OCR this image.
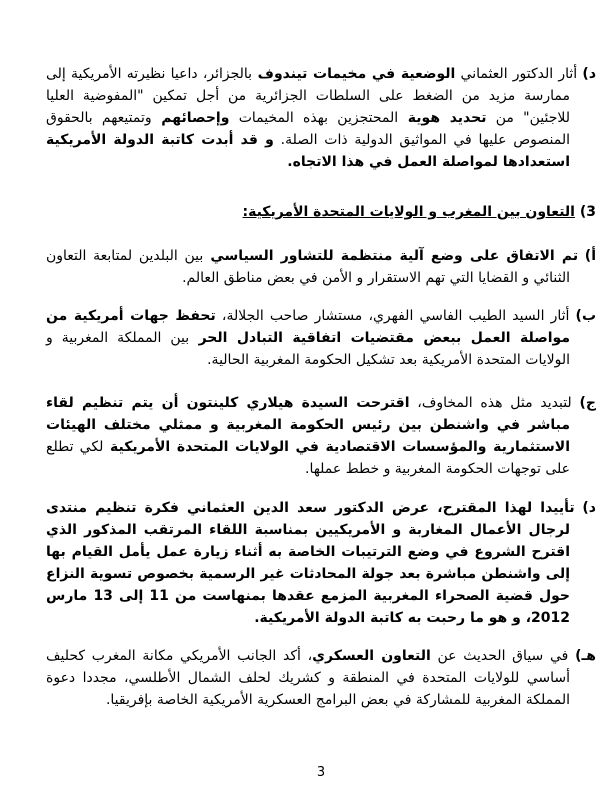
د) أثار الدكتور العثماني الوضعية في مخيمات تيندوف بالجزائر، داعيا نظيرته الأمريكية إلى ممارسة مزيد من الضغط على السلطات الجزائرية من أجل تمكين "المفوضية العليا للاجئين" من تحديد هوية المحتجزين بهذه المخيمات وإحصائهم وتمتيعهم بالحقوق المنصوص عليها في المواثيق الدولية ذات الصلة. و قد أبدت كاتبة الدولة الأمريكية استعدادها لمواصلة العمل في هذا الاتجاه.

3) التعاون بين المغرب و الولايات المتحدة الأمريكية:

أ) تم الاتفاق على وضع آلية منتظمة للتشاور السياسي بين البلدين لمتابعة التعاون الثنائي و القضايا التي تهم الاستقرار و الأمن في بعض مناطق العالم.

ب) أثار السيد الطيب الفاسي الفهري، مستشار صاحب الجلالة، تحفظ جهات أمريكية من مواصلة العمل ببعض مقتضيات اتفاقية التبادل الحر بين المملكة المغربية و الولايات المتحدة الأمريكية بعد تشكيل الحكومة المغربية الحالية.

ج) لتبديد مثل هذه المخاوف، اقترحت السيدة هيلاري كلينتون أن يتم تنظيم لقاء مباشر في واشنطن بين رئيس الحكومة المغربية و ممثلي مختلف الهيئات الاستثمارية والمؤسسات الاقتصادية في الولايات المتحدة الأمريكية لكي تطلع على توجهات الحكومة المغربية و خطط عملها.

د) تأييدا لهذا المقترح، عرض الدكتور سعد الدين العثماني فكرة تنظيم منتدى لرجال الأعمال المغاربة و الأمريكيين بمناسبة اللقاء المرتقب المذكور الذي اقترح الشروع في وضع الترتيبات الخاصة به أثناء زيارة عمل يأمل القيام بها إلى واشنطن مباشرة بعد جولة المحادثات غير الرسمية بخصوص تسوية النزاع حول قضية الصحراء المغربية المزمع عقدها بمنهاست من 11 إلى 13 مارس 2012، و هو ما رحبت به كاتبة الدولة الأمريكية.

هـ) في سياق الحديث عن التعاون العسكري، أكد الجانب الأمريكي مكانة المغرب كحليف أساسي للولايات المتحدة في المنطقة و كشريك لحلف الشمال الأطلسي، مجددا دعوة المملكة المغربية للمشاركة في بعض البرامج العسكرية الأمريكية الخاصة بإفريقيا.

3
